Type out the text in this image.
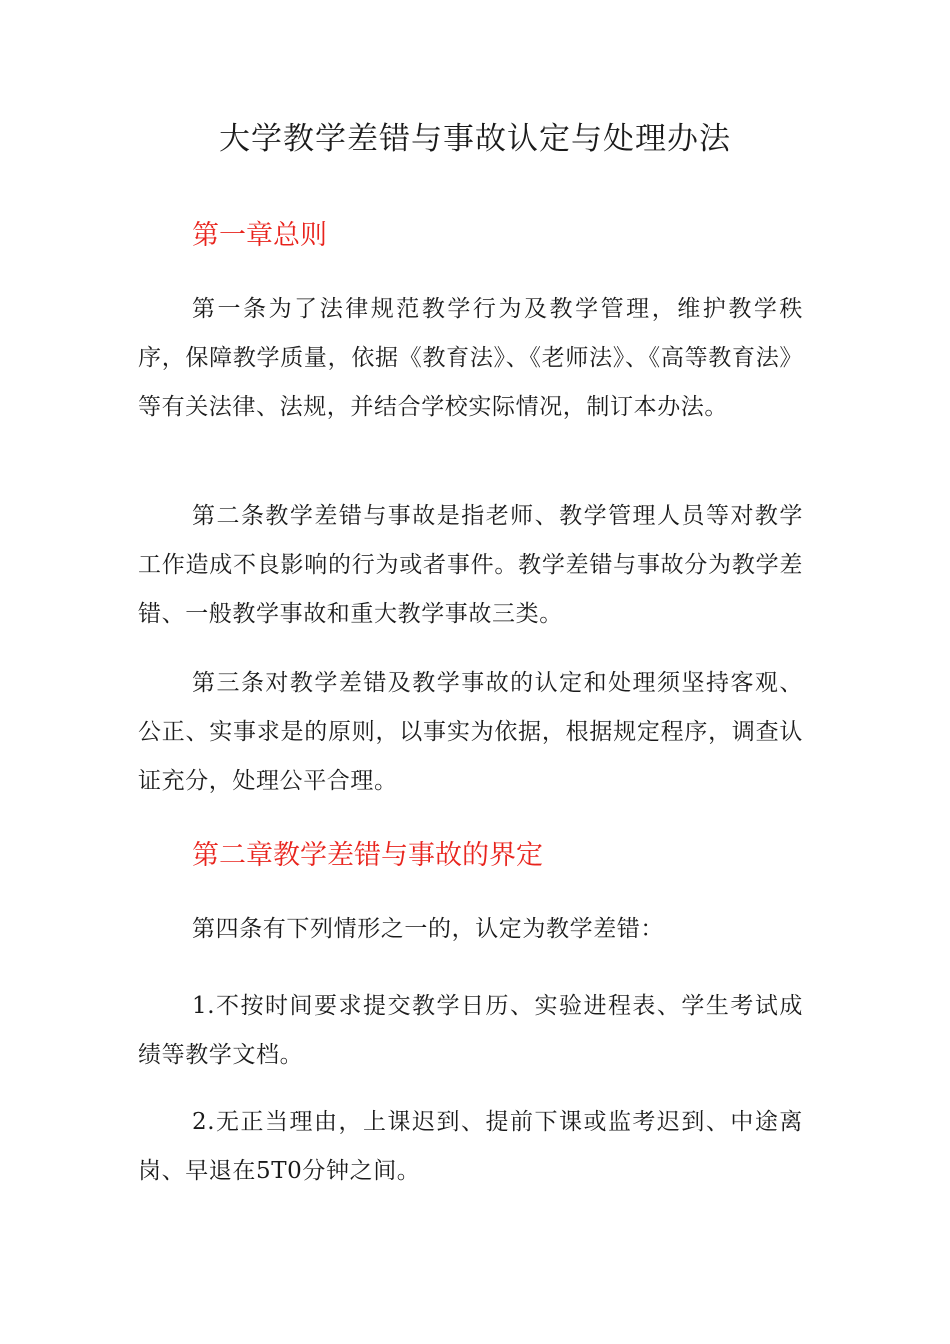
大学教学差错与事故认定与处理办法
第一章总则

第一条为了法律规范教学行为及教学管理，维护教学秩序，保障教学质量，依据《教育法》、《老师法》、《高等教育法》等有关法律、法规，并结合学校实际情况，制订本办法。

第二条教学差错与事故是指老师、教学管理人员等对教学工作造成不良影响的行为或者事件。教学差错与事故分为教学差错、一般教学事故和重大教学事故三类。

第三条对教学差错及教学事故的认定和处理须坚持客观、公正、实事求是的原则，以事实为依据，根据规定程序，调查认证充分，处理公平合理。

第二章教学差错与事故的界定

第四条有下列情形之一的，认定为教学差错：

1.不按时间要求提交教学日历、实验进程表、学生考试成绩等教学文档。

2.无正当理由，上课迟到、提前下课或监考迟到、中途离岗、早退在5T0分钟之间。
